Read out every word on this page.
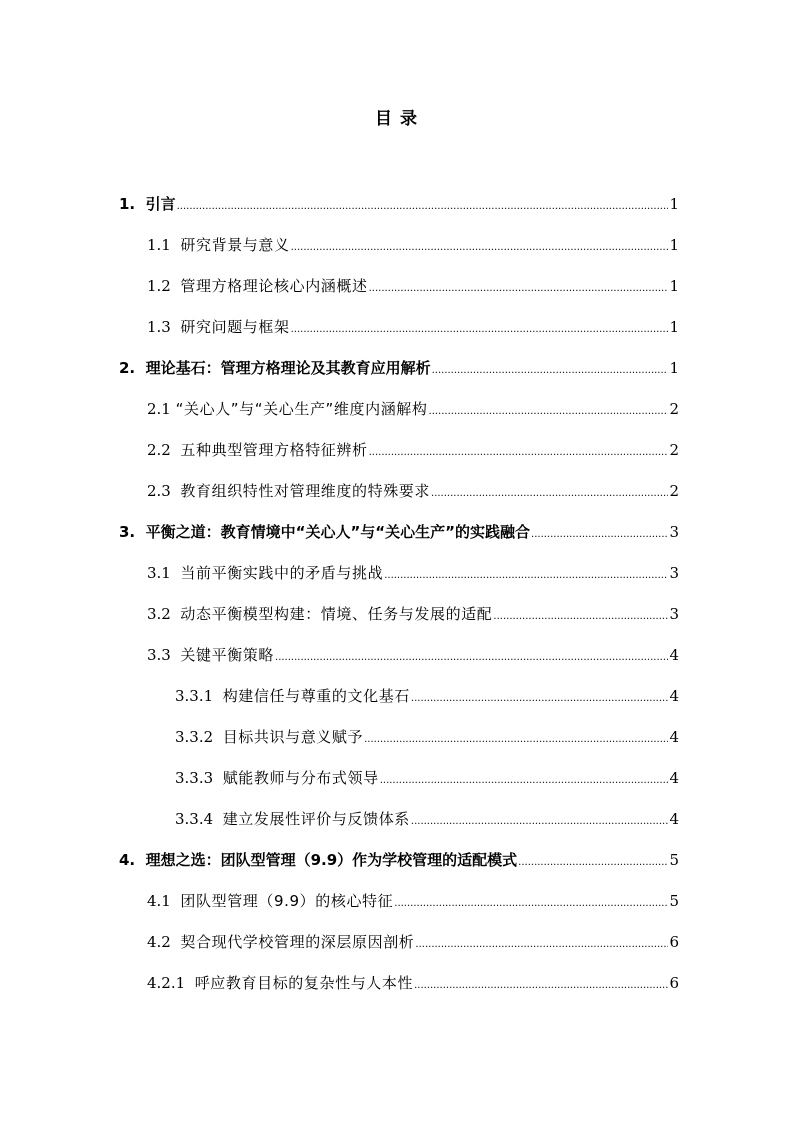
目 录
1. 引言 .....	1
1.1 研究背景与意义 .....	1
1.2 管理方格理论核心内涵概述 .....	1
1.3 研究问题与框架 .....	1
2. 理论基石：管理方格理论及其教育应用解析 .....	1
2.1 “关心人”与“关心生产”维度内涵解构 .....	2
2.2 五种典型管理方格特征辨析 .....	2
2.3 教育组织特性对管理维度的特殊要求 .....	2
3. 平衡之道：教育情境中“关心人”与“关心生产”的实践融合 .....	3
3.1 当前平衡实践中的矛盾与挑战 .....	3
3.2 动态平衡模型构建：情境、任务与发展的适配 .....	3
3.3 关键平衡策略 .....	4
3.3.1 构建信任与尊重的文化基石 .....	4
3.3.2 目标共识与意义赋予 .....	4
3.3.3 赋能教师与分布式领导 .....	4
3.3.4 建立发展性评价与反馈体系 .....	4
4. 理想之选：团队型管理（9.9）作为学校管理的适配模式 .....	5
4.1 团队型管理（9.9）的核心特征 .....	5
4.2 契合现代学校管理的深层原因剖析 .....	6
4.2.1 呼应教育目标的复杂性与人本性 .....	6
